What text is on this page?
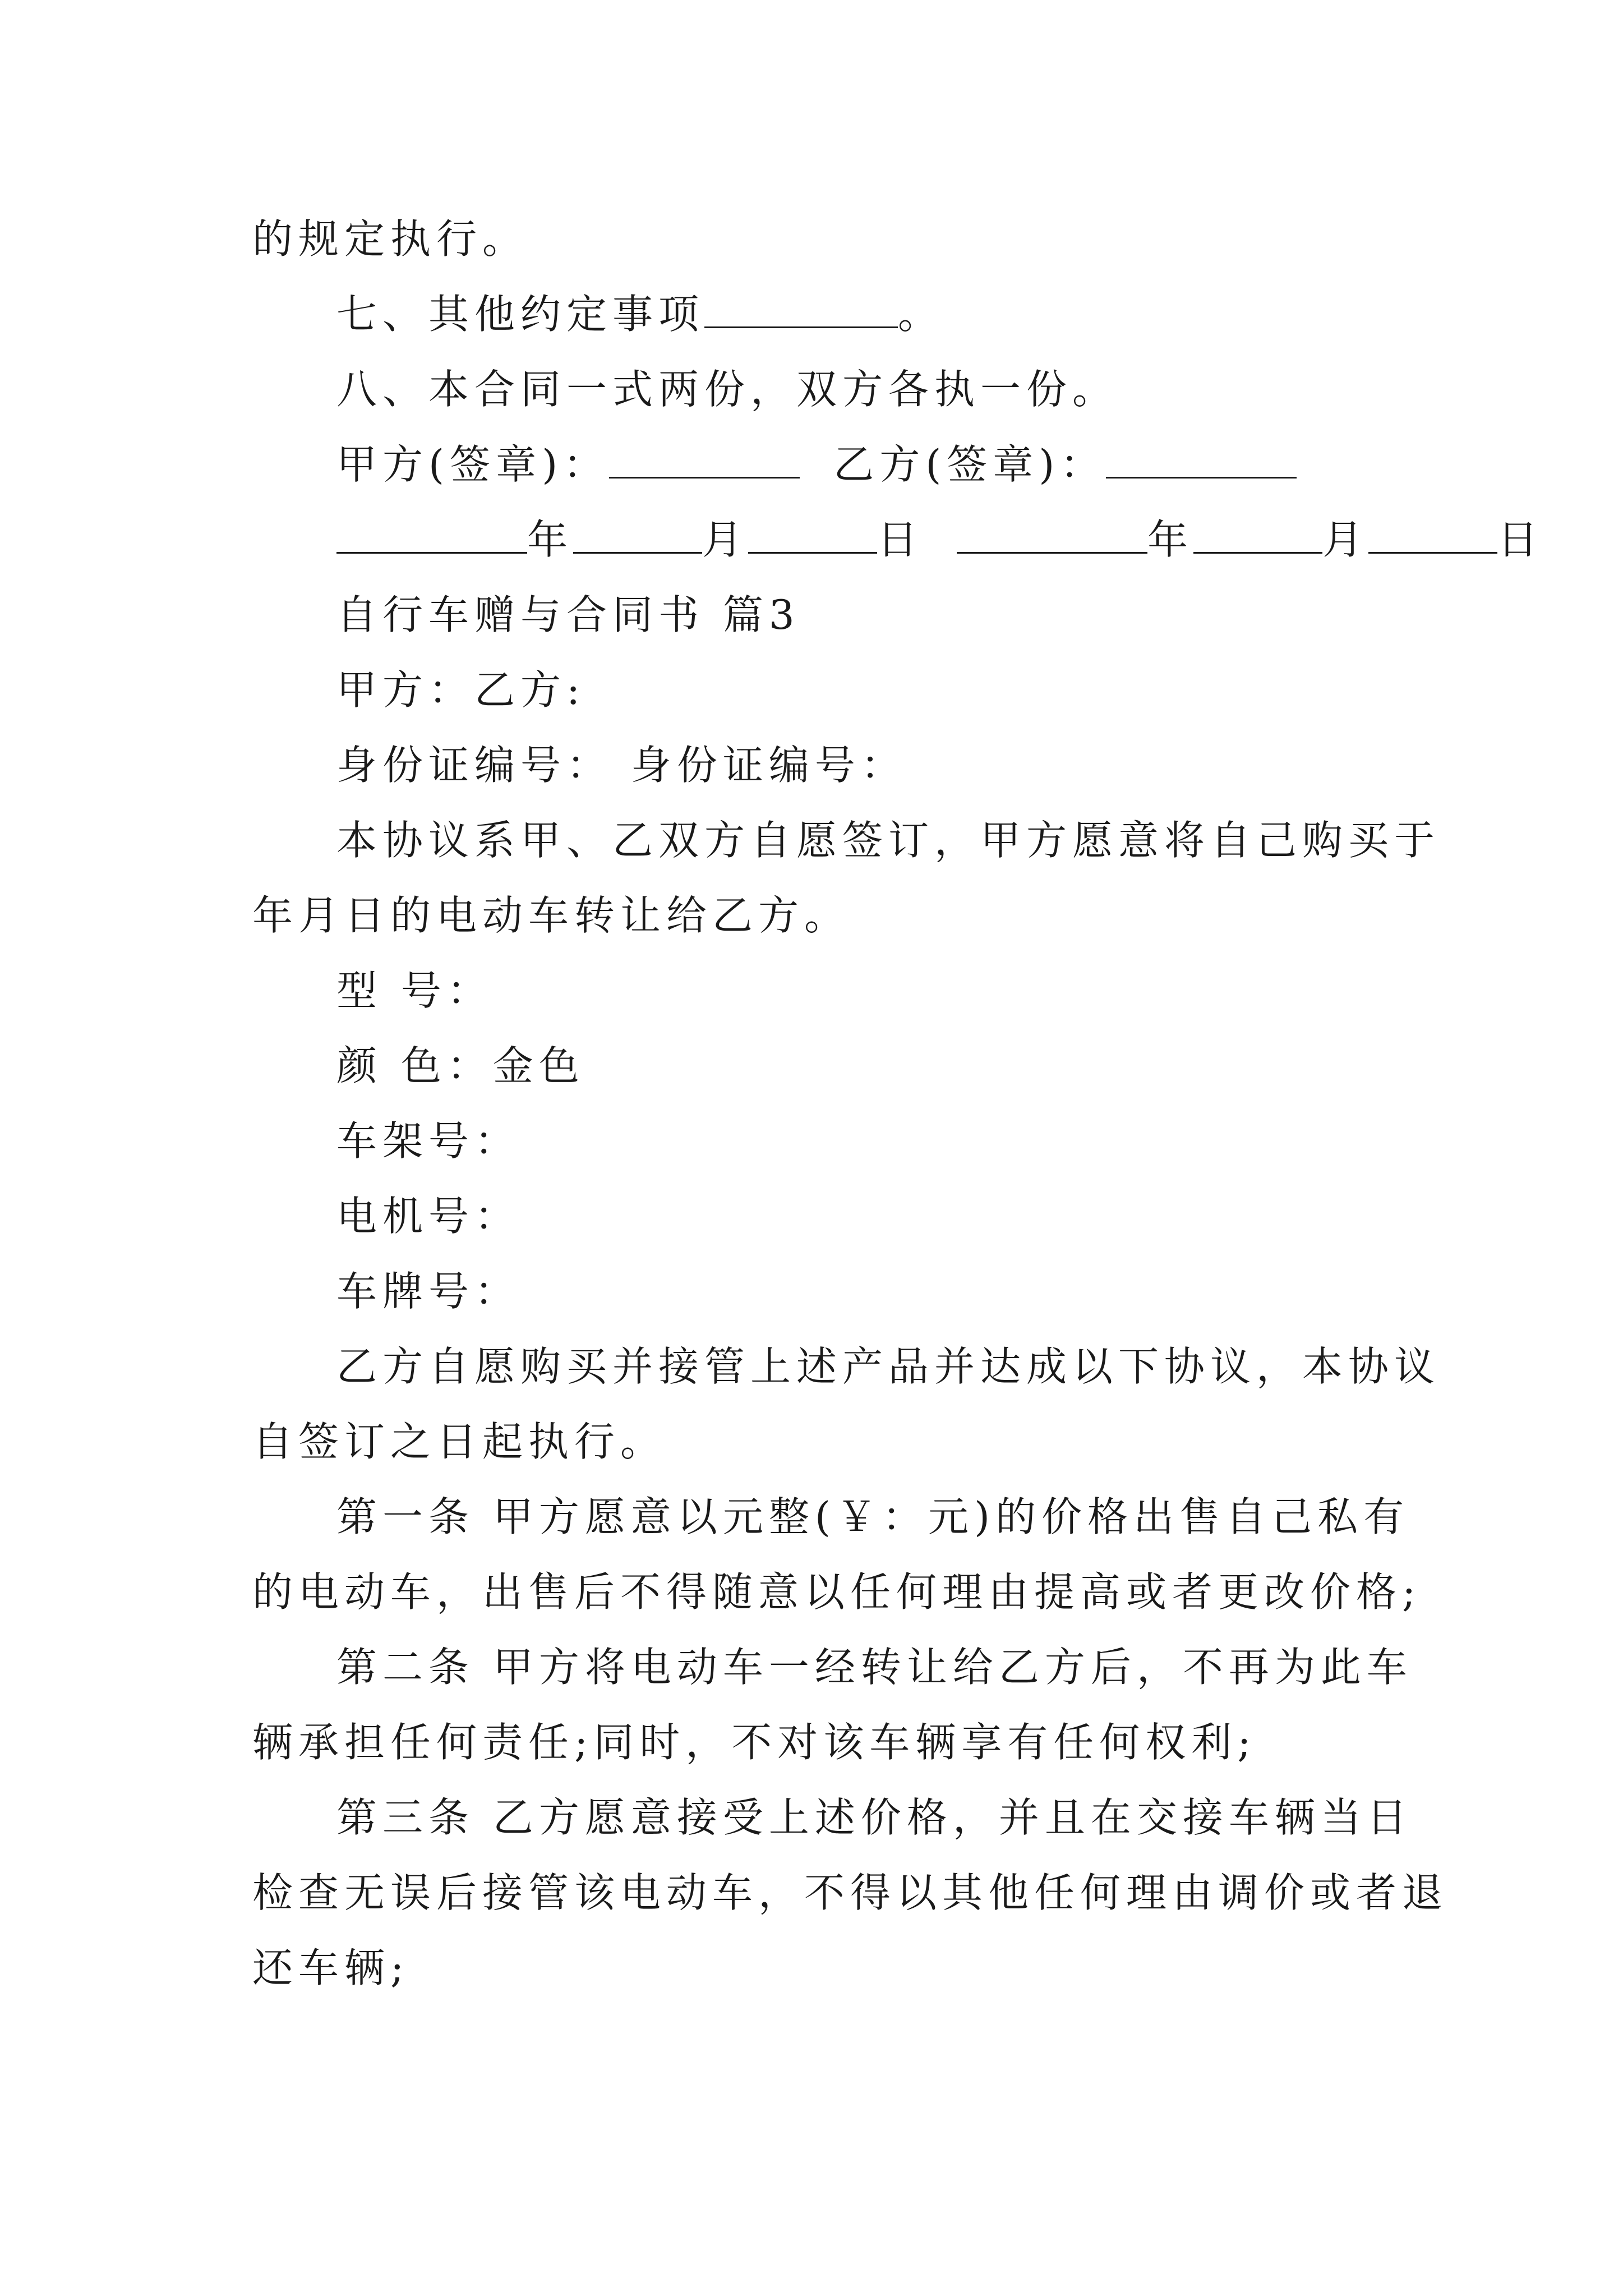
的规定执行。
七、其他约定事项	。
八、本合同一式两份，双方各执一份。
甲方(签章)：	乙方(签章)：
年	月	日	年	月	日
自行车赠与合同书 篇3
甲方：乙方:
身份证编号： 身份证编号：
本协议系甲、乙双方自愿签订，甲方愿意将自己购买于
年月日的电动车转让给乙方。
型 号：
颜 色：金色
车架号：
电机号：
车牌号：
乙方自愿购买并接管上述产品并达成以下协议，本协议
自签订之日起执行。
第一条 甲方愿意以元整(￥：元)的价格出售自己私有
的电动车，出售后不得随意以任何理由提高或者更改价格;
第二条 甲方将电动车一经转让给乙方后，不再为此车
辆承担任何责任;同时，不对该车辆享有任何权利;
第三条 乙方愿意接受上述价格，并且在交接车辆当日
检查无误后接管该电动车，不得以其他任何理由调价或者退
还车辆;
